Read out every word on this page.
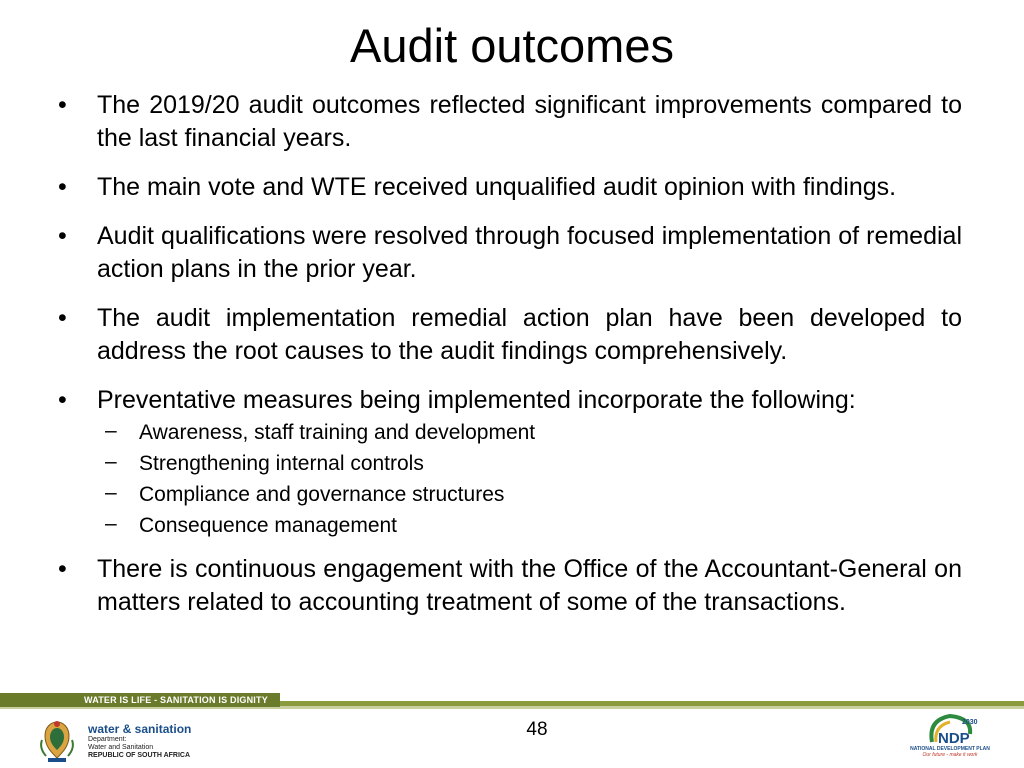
Audit outcomes
• The 2019/20 audit outcomes reflected significant improvements compared to the last financial years.
• The main vote and WTE received unqualified audit opinion with findings.
• Audit qualifications were resolved through focused implementation of remedial action plans in the prior year.
• The audit implementation remedial action plan have been developed to address the root causes to the audit findings comprehensively.
• Preventative measures being implemented incorporate the following:
– Awareness, staff training and development
– Strengthening internal controls
– Compliance and governance structures
– Consequence management
• There is continuous engagement with the Office of the Accountant-General on matters related to accounting treatment of some of the transactions.
WATER IS LIFE - SANITATION IS DIGNITY
48
water & sanitation
Department:
Water and Sanitation
REPUBLIC OF SOUTH AFRICA
2030
NDP
NATIONAL DEVELOPMENT PLAN
Our future - make it work
